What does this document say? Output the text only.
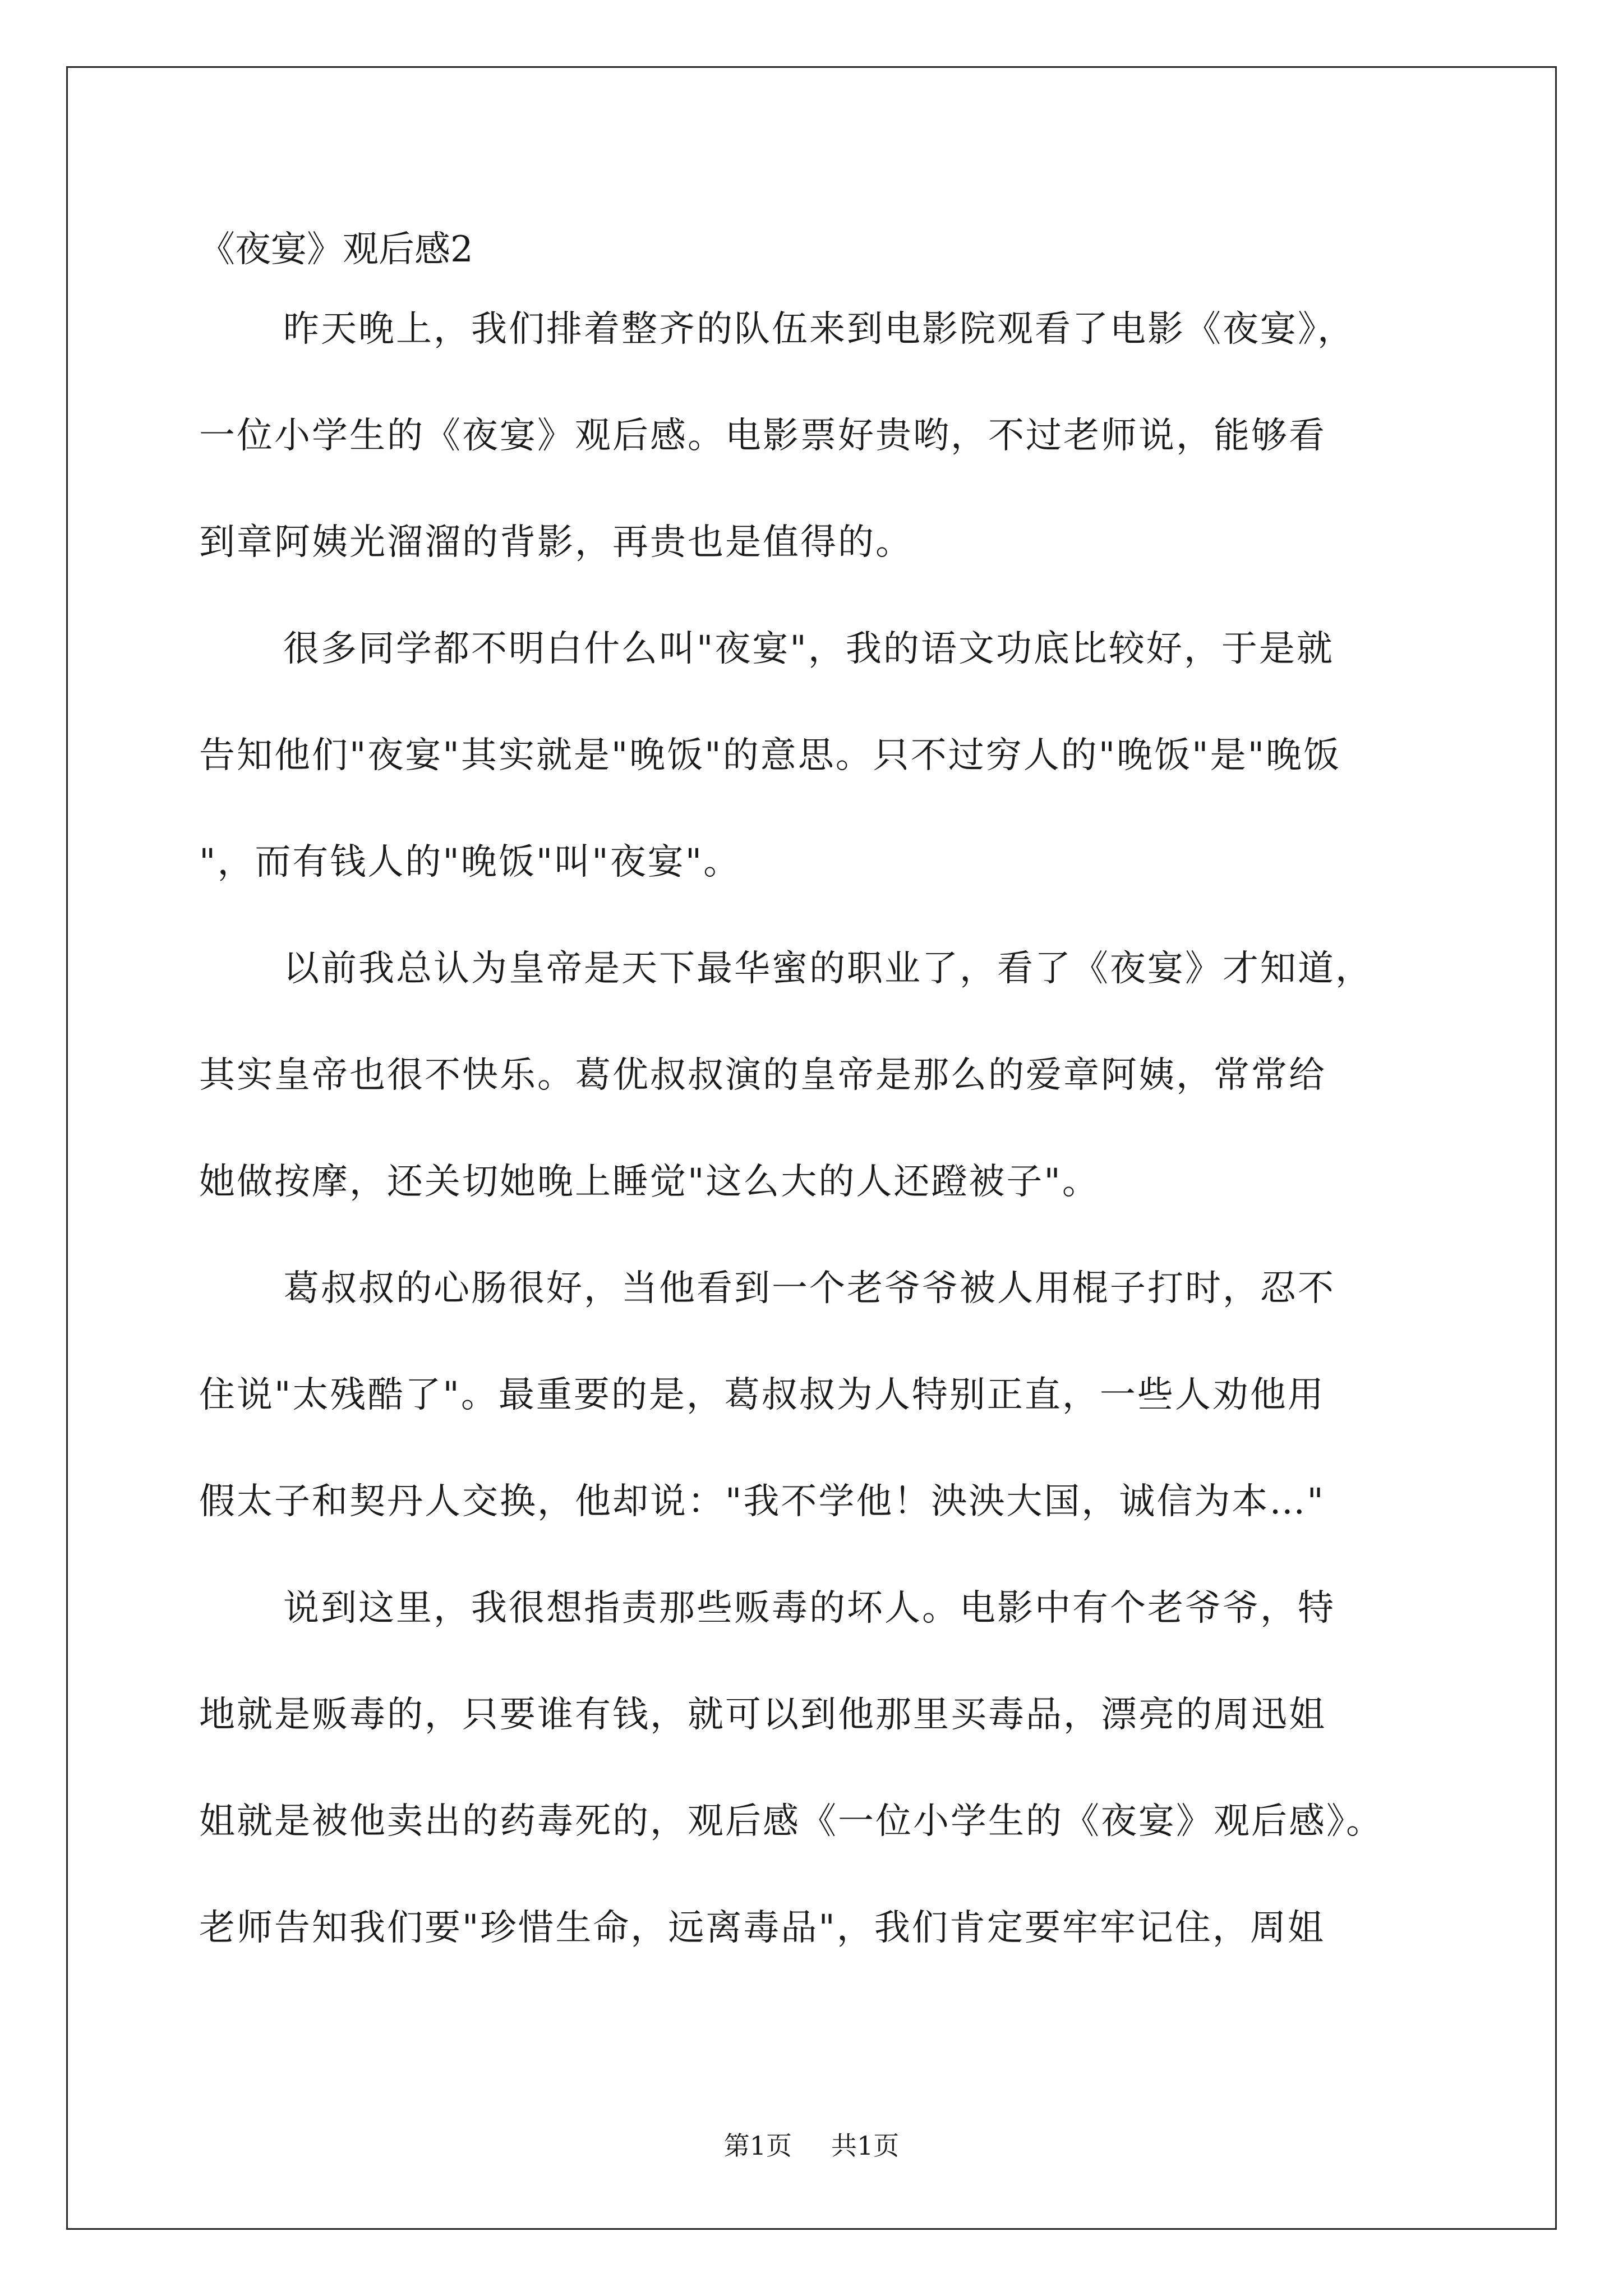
《夜宴》观后感2
昨天晚上，我们排着整齐的队伍来到电影院观看了电影《夜宴》，
一位小学生的《夜宴》观后感。电影票好贵哟，不过老师说，能够看
到章阿姨光溜溜的背影，再贵也是值得的。
很多同学都不明白什么叫"夜宴"，我的语文功底比较好，于是就
告知他们"夜宴"其实就是"晚饭"的意思。只不过穷人的"晚饭"是"晚饭
"，而有钱人的"晚饭"叫"夜宴"。
以前我总认为皇帝是天下最华蜜的职业了，看了《夜宴》才知道，
其实皇帝也很不快乐。葛优叔叔演的皇帝是那么的爱章阿姨，常常给
她做按摩，还关切她晚上睡觉"这么大的人还蹬被子"。
葛叔叔的心肠很好，当他看到一个老爷爷被人用棍子打时，忍不
住说"太残酷了"。最重要的是，葛叔叔为人特别正直，一些人劝他用
假太子和契丹人交换，他却说："我不学他！泱泱大国，诚信为本…"
说到这里，我很想指责那些贩毒的坏人。电影中有个老爷爷，特
地就是贩毒的，只要谁有钱，就可以到他那里买毒品，漂亮的周迅姐
姐就是被他卖出的药毒死的，观后感《一位小学生的《夜宴》观后感》。
老师告知我们要"珍惜生命，远离毒品"，我们肯定要牢牢记住，周姐
第1页 共1页
